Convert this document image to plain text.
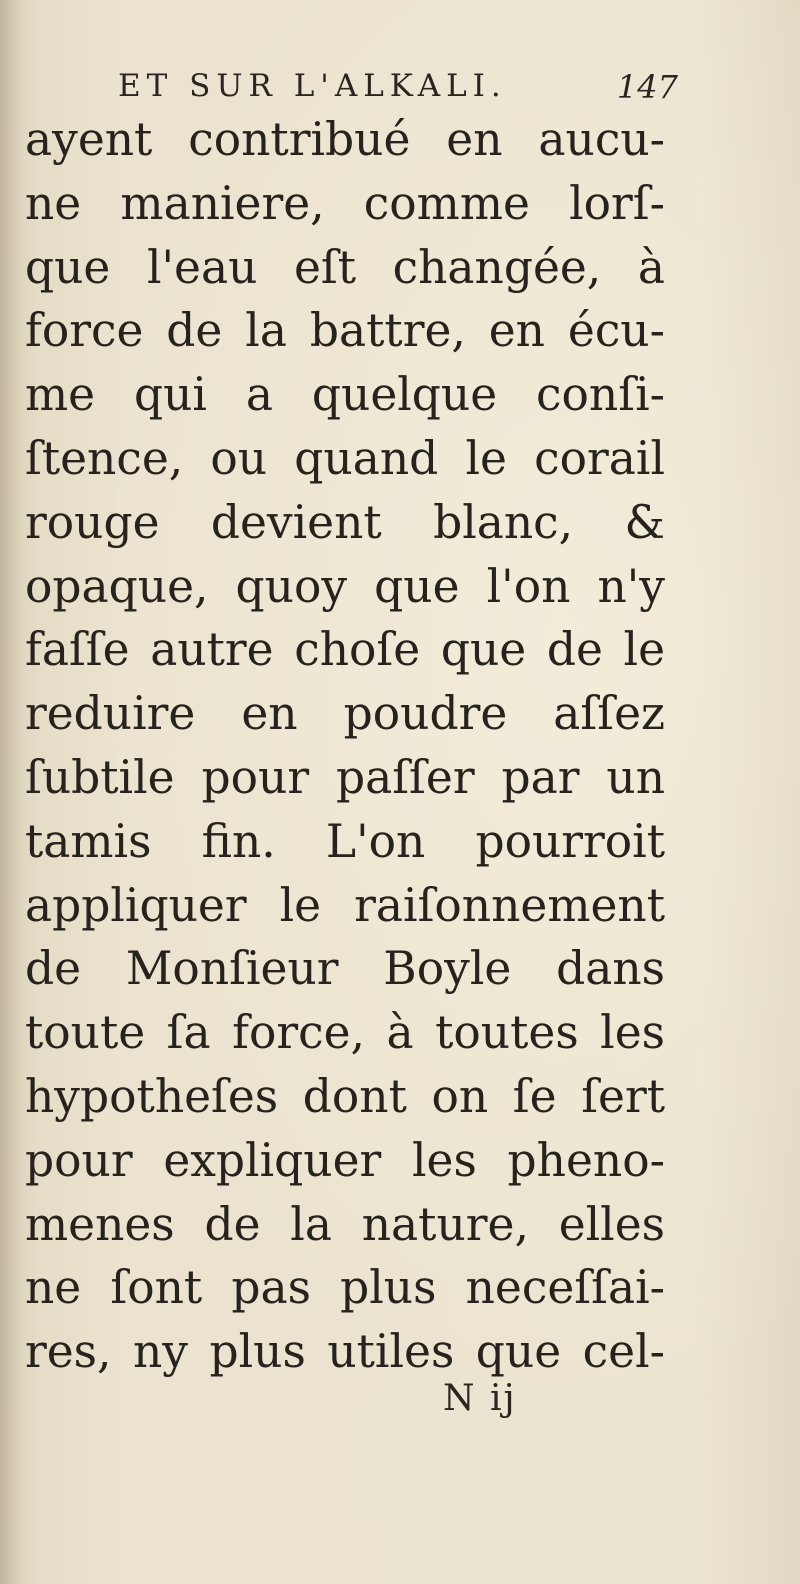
ET SUR L'ALKALI.	147
ayent contribué en aucu-
ne maniere, comme lorſ-
que l'eau eſt changée, à
force de la battre, en écu-
me qui a quelque conſi-
ſtence, ou quand le corail
rouge devient blanc, &
opaque, quoy que l'on n'y
faſſe autre choſe que de le
reduire en poudre aſſez
ſubtile pour paſſer par un
tamis fin. L'on pourroit
appliquer le raiſonnement
de Monſieur Boyle dans
toute ſa force, à toutes les
hypotheſes dont on ſe ſert
pour expliquer les pheno-
menes de la nature, elles
ne ſont pas plus neceſſai-
res, ny plus utiles que cel-
N ij
